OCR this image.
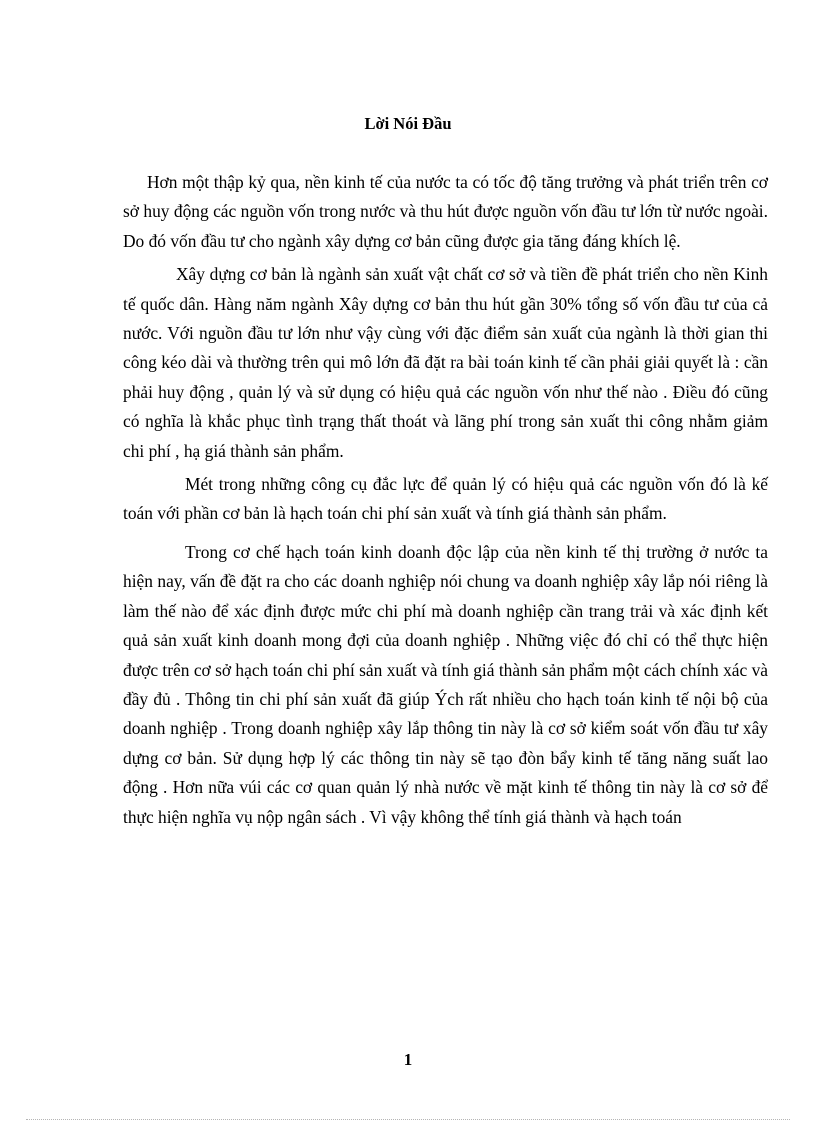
Lời Nói Đầu

Hơn một thập kỷ qua, nền kinh tế của nước ta có tốc độ tăng trưởng và phát triển trên cơ sở huy động các nguồn vốn trong nước và thu hút được nguồn vốn đầu tư lớn từ nước ngoài. Do đó vốn đầu tư cho ngành xây dựng cơ bản cũng được gia tăng đáng khích lệ.

Xây dựng cơ bản là ngành sản xuất vật chất cơ sở và tiền đề phát triển cho nền Kinh tế quốc dân. Hàng năm ngành Xây dựng cơ bản thu hút gần 30% tổng số vốn đầu tư của cả nước. Với nguồn đầu tư lớn như vậy cùng với đặc điểm sản xuất của ngành là thời gian thi công kéo dài và thường trên qui mô lớn đã đặt ra bài toán kinh tế cần phải giải quyết là : cần phải huy động , quản lý và sử dụng có hiệu quả các nguồn vốn như thế nào . Điều đó cũng có nghĩa là khắc phục tình trạng thất thoát và lãng phí trong sản xuất thi công nhằm giảm chi phí , hạ giá thành sản phẩm.

Mét trong những công cụ đắc lực để quản lý có hiệu quả các nguồn vốn đó là kế toán với phần cơ bản là hạch toán chi phí sản xuất và tính giá thành sản phẩm.

Trong cơ chế hạch toán kinh doanh độc lập của nền kinh tế thị trường ở nước ta hiện nay, vấn đề đặt ra cho các doanh nghiệp nói chung va doanh nghiệp xây lắp nói riêng là làm thế nào để xác định được mức chi phí mà doanh nghiệp cần trang trải và xác định kết quả sản xuất kinh doanh mong đợi của doanh nghiệp . Những việc đó chỉ có thể thực hiện được trên cơ sở hạch toán chi phí sản xuất và tính giá thành sản phẩm một cách chính xác và đầy đủ . Thông tin chi phí sản xuất đã giúp Ých rất nhiều cho hạch toán kinh tế nội bộ của doanh nghiệp . Trong doanh nghiệp xây lắp thông tin này là cơ sở kiểm soát vốn đầu tư xây dựng cơ bản. Sử dụng hợp lý các thông tin này sẽ tạo đòn bẩy kinh tế tăng năng suất lao động . Hơn nữa vúi các cơ quan quản lý nhà nước về mặt kinh tế thông tin này là cơ sở để thực hiện nghĩa vụ nộp ngân sách . Vì vậy không thể tính giá thành và hạch toán

1
